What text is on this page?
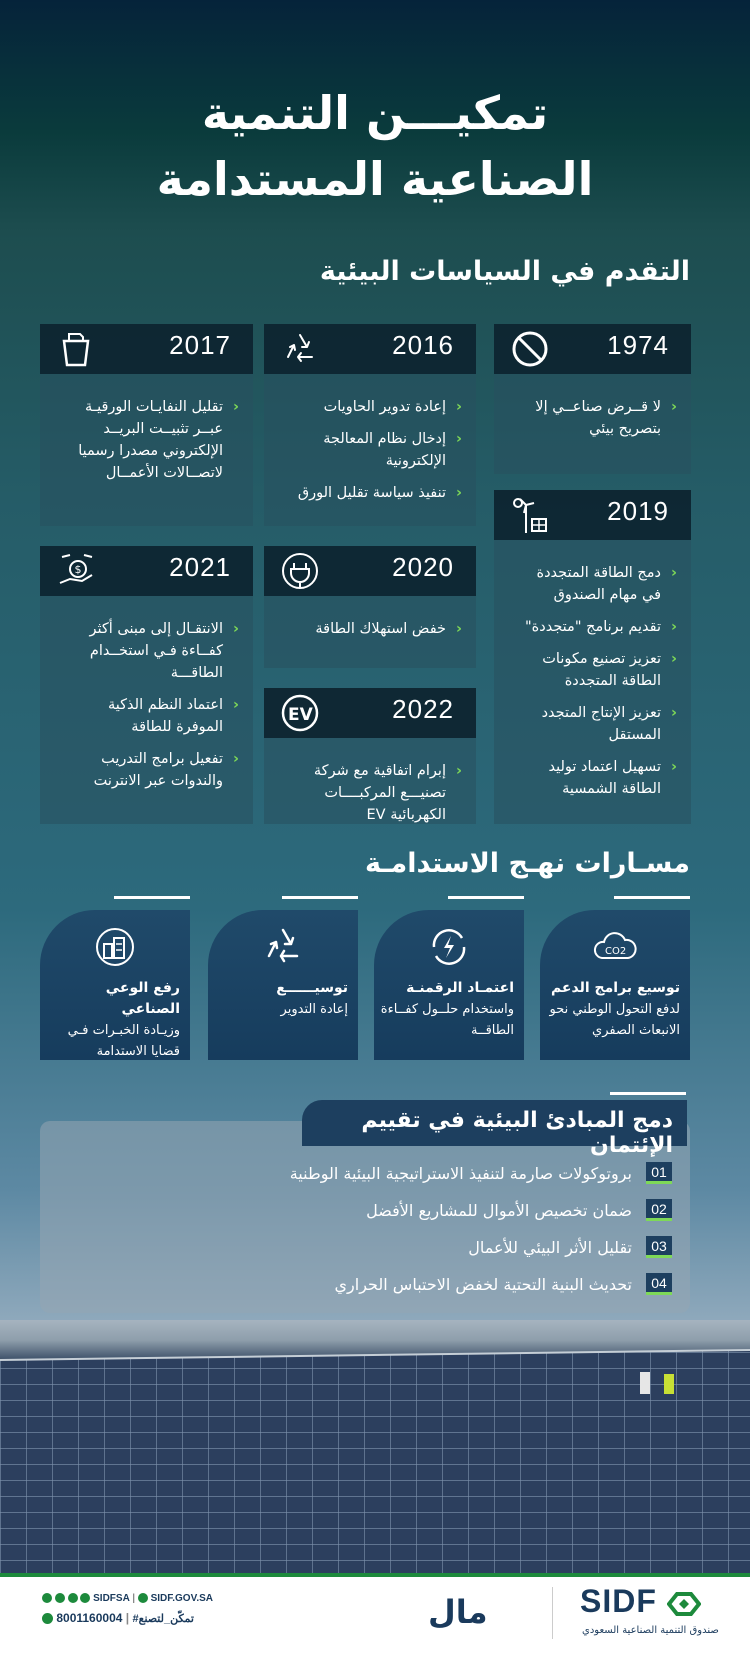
تمكيـــن التنمية
الصناعية المستدامة
التقدم في السياسات البيئية
1974
‹ لا قــرض صناعــي إلا بتصريح بيئي
2016
‹ إعادة تدوير الحاويات
‹ إدخال نظام المعالجة الإلكترونية
‹ تنفيذ سياسة تقليل الورق
2017
‹ تقليل النفايـات الورقيـة عبــر تثبيــت البريــد الإلكتروني مصدرا رسميا لاتصــالات الأعمــال
2019
‹ دمج الطاقة المتجددة في مهام الصندوق
‹ تقديم برنامج "متجددة"
‹ تعزيز تصنيع مكونات الطاقة المتجددة
‹ تعزيز الإنتاج المتجدد المستقل
‹ تسهيل اعتماد توليد الطاقة الشمسية
2020
‹ خفض استهلاك الطاقة
2021
$
‹ الانتقـال إلى مبنى أكثر كفــاءة فـي استخــدام الطاقـــة
‹ اعتماد النظم الذكية الموفرة للطاقة
‹ تفعيل برامج التدريب والندوات عبر الانترنت
2022
EV
‹ إبرام اتفاقية مع شركة تصنيـــع المركبــــات الكهربائية EV
مسـارات نهـج الاستدامـة
CO2
توسيع برامج الدعم
لدفع التحول الوطني نحو الانبعاث الصفري
اعتمـاد الرقمنـة
واستخدام حلــول كفــاءة الطاقــة
توسيــــــع
إعادة التدوير
رفع الوعي الصناعي
وزيـادة الخبـرات فـي قضايا الاستدامة
دمج المبادئ البيئية في تقييم الإئتمان
01
بروتوكولات صارمة لتنفيذ الاستراتيجية البيئية الوطنية
02
ضمان تخصيص الأموال للمشاريع الأفضل
03
تقليل الأثر البيئي للأعمال
04
تحديث البنية التحتية لخفض الاحتباس الحراري
SIDFSA |  SIDF.GOV.SA
8001160004 | #تمكّن_لتصنع	مال	SIDF
صندوق التنمية الصناعية السعودي
